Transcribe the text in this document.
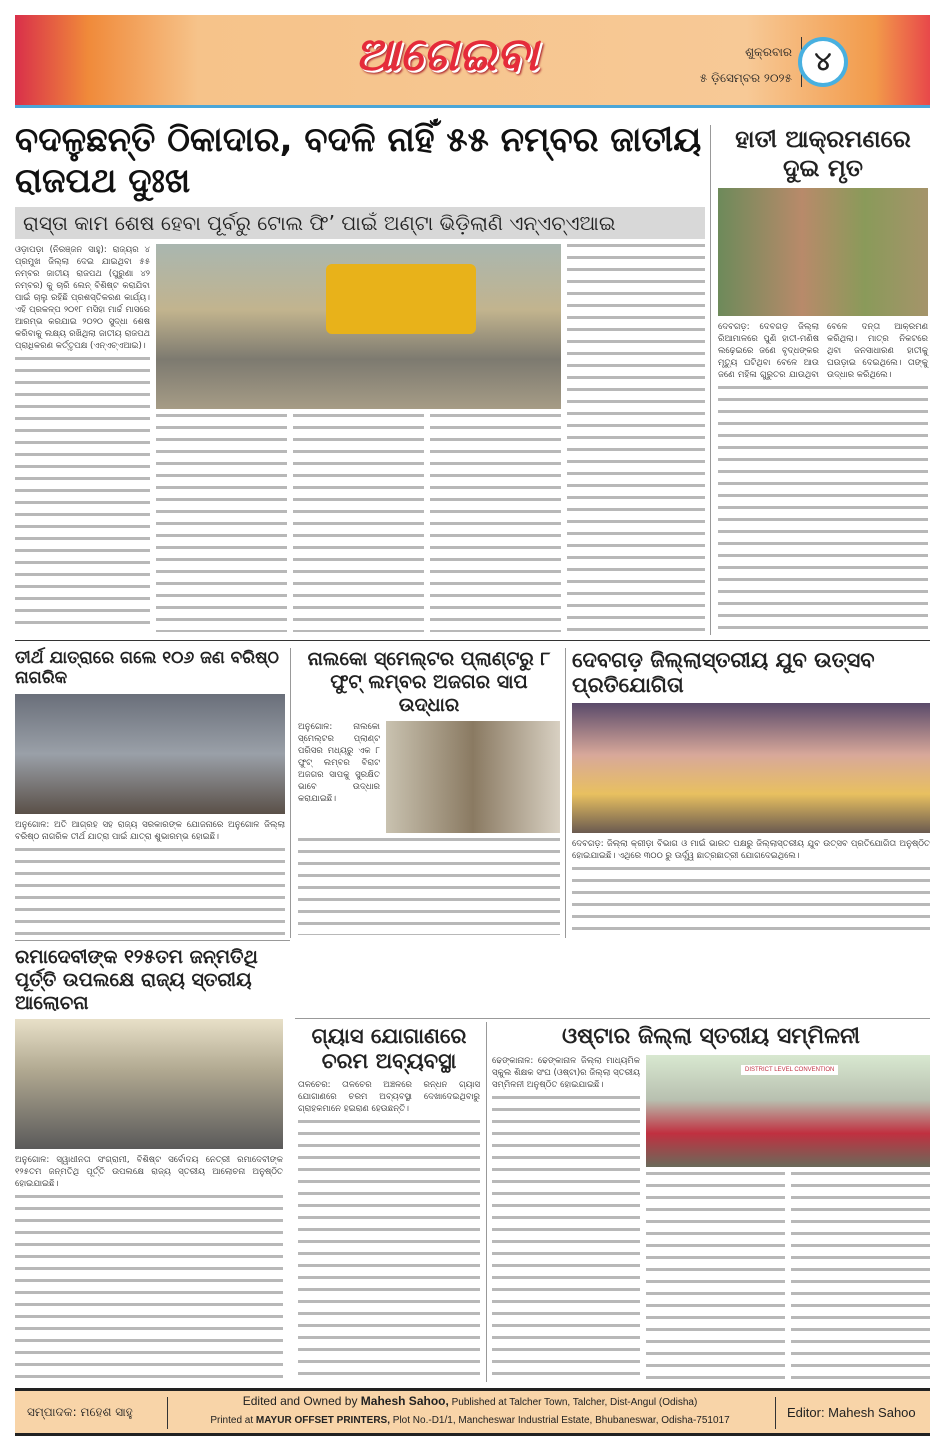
ଆଗେଇବା	ଶୁକ୍ରବାର
୫ ଡ଼ିସେମ୍ବର ୨୦୨୫
୪
ବଦଳୁଛନ୍ତି ଠିକାଦାର, ବଦଳି ନାହିଁ ୫୫ ନମ୍ବର ଜାତୀୟ ରାଜପଥ ଦୁଃଖ
ରାସ୍ତା କାମ ଶେଷ ହେବା ପୂର୍ବରୁ ଟୋଲ ଫି’ ପାଇଁ ଅଣ୍ଟା ଭିଡ଼ିଲାଣି ଏନ୍‌ଏଚ୍‌ଏଆଇ
ଓଡ଼ାପଡ଼ା (ନିରଞ୍ଜନ ସାହୁ): ରାଜ୍ୟର ୪ ପ୍ରମୁଖ ଜିଲ୍ଲା ଦେଇ ଯାଇଥିବା ୫୫ ନମ୍ବର ଜାତୀୟ ରାଜପଥ (ପୁରୁଣା ୪୨ ନମ୍ବର) କୁ ଚାରି ଲେନ୍ ବିଶିଷ୍ଟ କରାଯିବା ପାଇଁ ଚାଲୁ ରହିଛି ପ୍ରଶସ୍ତିକରଣ କାର୍ଯ୍ୟ। ଏହି ପ୍ରକଳ୍ପ ୨୦୧୮ ମସିହା ମାର୍ଚ୍ଚ ମାସରେ ଆରମ୍ଭ କରଯାଇ ୨୦୨୦ ସୁଦ୍ଧା ଶେଷ କରିବାକୁ ଲକ୍ଷ୍ୟ ରଖିଥିଲା ଜାତୀୟ ରାଜପଥ ପ୍ରାଧିକରଣ କର୍ତ୍ତୃପକ୍ଷ (ଏନ୍‌ଏଚ୍‌ଏଆଇ)।
ହାତୀ ଆକ୍ରମଣରେ ଦୁଇ ମୃତ
ଦେବଗଡ଼: ଦେବଗଡ଼ ଜିଲ୍ଲା ରିଆମାଳରେ ପୁଣି ହାତୀ-ମଣିଷ ଲଢ଼େଇରେ ଜଣେ ବୃଦ୍ଧଙ୍କର ମୃତ୍ୟୁ ଘଟିଥିବା ବେଳେ ଆଉ ଜଣେ ମହିଳା ଗୁରୁତର ଯାଉଥିବା ବେଳେ ଦନ୍ତା ଆକ୍ରମଣ କରିଥିଲା। ମାତ୍ର ନିକଟରେ ଥିବା ଜନସାଧାରଣ ହାତୀକୁ ଘଉଡ଼ାଇ ଦେଇଥିଲେ। ତାଙ୍କୁ ଉଦ୍ଧାର କରିଥିଲେ।
ତୀର୍ଥ ଯାତ୍ରାରେ ଗଲେ ୧୦୬ ଜଣ ବରିଷ୍ଠ ନାଗରିକ
ଅନୁଗୋଳ: ଅତି ଆଗ୍ରହ ସହ ରାଜ୍ୟ ସରକାରଙ୍କ ଯୋଜନାରେ ଅନୁଗୋଳ ଜିଲ୍ଲା ବରିଷ୍ଠ ନାଗରିକ ତୀର୍ଥ ଯାତ୍ରା ପାଇଁ ଯାତ୍ରା ଶୁଭାରମ୍ଭ ହୋଇଛି।
ନାଲକୋ ସ୍ମେଲ୍ଟର ପ୍ଲାଣ୍ଟରୁ ୮ ଫୁଟ୍ ଲମ୍ବର ଅଜଗର ସାପ ଉଦ୍ଧାର
ଅନୁଗୋଳ: ନାଲକୋ ସ୍ମେଲ୍ଟର ପ୍ଲାଣ୍ଟ ପରିସର ମଧ୍ୟରୁ ଏକ ୮ ଫୁଟ୍ ଲମ୍ବର ବିରାଟ ଅଜଗର ସାପକୁ ସୁରକ୍ଷିତ ଭାବେ ଉଦ୍ଧାର କରାଯାଇଛି।
ଦେବଗଡ଼ ଜିଲ୍ଲାସ୍ତରୀୟ ଯୁବ ଉତ୍ସବ ପ୍ରତିଯୋଗିତା
ଦେବଗଡ଼: ଜିଲ୍ଲା କ୍ରୀଡ଼ା ବିଭାଗ ଓ ମାଇଁ ଭାରତ ପକ୍ଷରୁ ଜିଲ୍ଲାସ୍ତରୀୟ ଯୁବ ଉତ୍ସବ ପ୍ରତିଯୋଗିତା ଅନୁଷ୍ଠିତ ହୋଇଯାଇଛି। ଏଥିରେ ୩୦୦ ରୁ ଊର୍ଦ୍ଧ୍ୱ ଛାତ୍ରଛାତ୍ରୀ ଯୋଗଦେଇଥିଲେ।
ରମାଦେବୀଙ୍କ ୧୨୫ତମ ଜନ୍ମତିଥି ପୂର୍ତ୍ତି ଉପଲକ୍ଷେ ରାଜ୍ୟ ସ୍ତରୀୟ ଆଲୋଚନା
ଅନୁଗୋଳ: ସ୍ୱାଧୀନତା ସଂଗ୍ରାମୀ, ବିଶିଷ୍ଟ ସର୍ବୋଦୟ ନେତ୍ରୀ ରମାଦେବୀଙ୍କ ୧୨୫ତମ ଜନ୍ମତିଥି ପୂର୍ତ୍ତି ଉପଲକ୍ଷେ ରାଜ୍ୟ ସ୍ତରୀୟ ଆଲୋଚନା ଅନୁଷ୍ଠିତ ହୋଇଯାଇଛି।
ଗ୍ୟାସ ଯୋଗାଣରେ ଚରମ ଅବ୍ୟବସ୍ଥା
ତାଳଚେର: ତାଳଚେର ଅଞ୍ଚଳରେ ରନ୍ଧନ ଗ୍ୟାସ ଯୋଗାଣରେ ଚରମ ଅବ୍ୟବସ୍ଥା ଦେଖାଦେଇଥିବାରୁ ଗ୍ରାହକମାନେ ହଇରାଣ ହେଉଛନ୍ତି।
ଓଷ୍ଟାର ଜିଲ୍ଲା ସ୍ତରୀୟ ସମ୍ମିଳନୀ
ଢେଙ୍କାନାଳ: ଢେଙ୍କାନାଳ ଜିଲ୍ଲା ମାଧ୍ୟମିକ ସ୍କୁଲ ଶିକ୍ଷକ ସଂଘ (ଓଷ୍ଟା)ର ଜିଲ୍ଲା ସ୍ତରୀୟ ସମ୍ମିଳନୀ ଅନୁଷ୍ଠିତ ହୋଇଯାଇଛି।
DISTRICT LEVEL CONVENTION
ସମ୍ପାଦକ: ମହେଶ ସାହୁ
Edited and Owned by Mahesh Sahoo, Published at Talcher Town, Talcher, Dist-Angul (Odisha)
Printed at MAYUR OFFSET PRINTERS, Plot No.-D1/1, Mancheswar Industrial Estate, Bhubaneswar, Odisha-751017
Editor: Mahesh Sahoo
